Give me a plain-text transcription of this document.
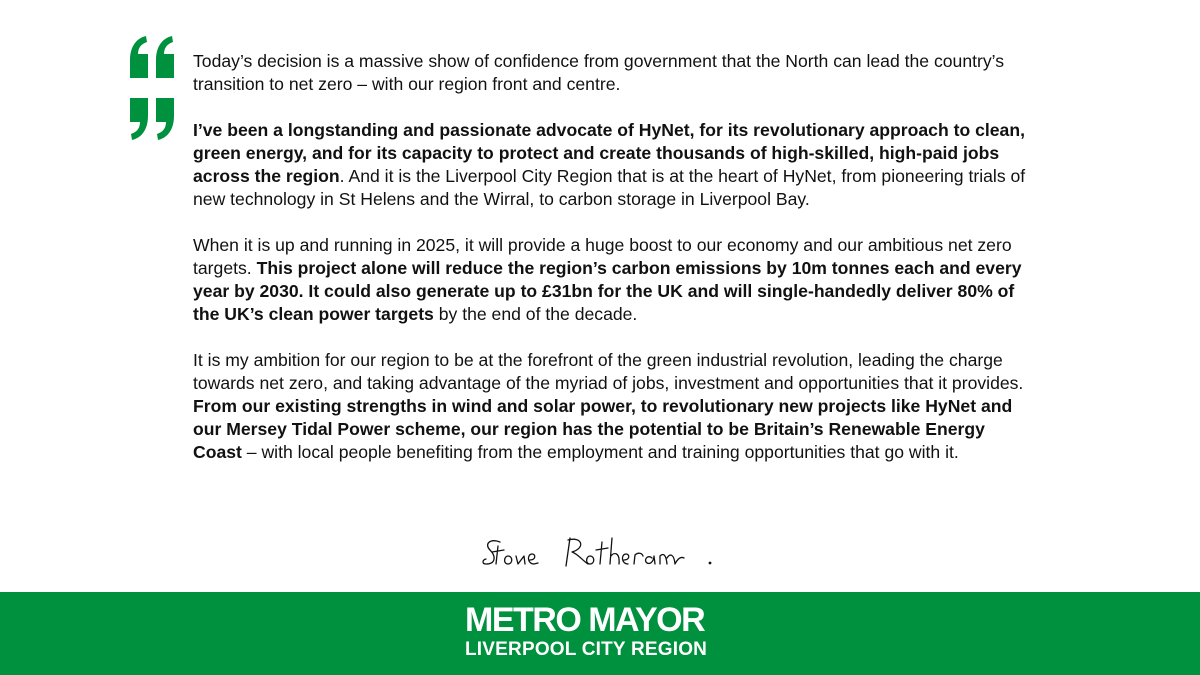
Today’s decision is a massive show of confidence from government that the North can lead the country’s transition to net zero – with our region front and centre.

I’ve been a longstanding and passionate advocate of HyNet, for its revolutionary approach to clean, green energy, and for its capacity to protect and create thousands of high-skilled, high-paid jobs across the region. And it is the Liverpool City Region that is at the heart of HyNet, from pioneering trials of new technology in St Helens and the Wirral, to carbon storage in Liverpool Bay.

When it is up and running in 2025, it will provide a huge boost to our economy and our ambitious net zero targets. This project alone will reduce the region’s carbon emissions by 10m tonnes each and every year by 2030. It could also generate up to £31bn for the UK and will single-handedly deliver 80% of the UK’s clean power targets by the end of the decade.

It is my ambition for our region to be at the forefront of the green industrial revolution, leading the charge towards net zero, and taking advantage of the myriad of jobs, investment and opportunities that it provides. From our existing strengths in wind and solar power, to revolutionary new projects like HyNet and our Mersey Tidal Power scheme, our region has the potential to be Britain’s Renewable Energy Coast – with local people benefiting from the employment and training opportunities that go with it.

METRO MAYOR
LIVERPOOL CITY REGION
